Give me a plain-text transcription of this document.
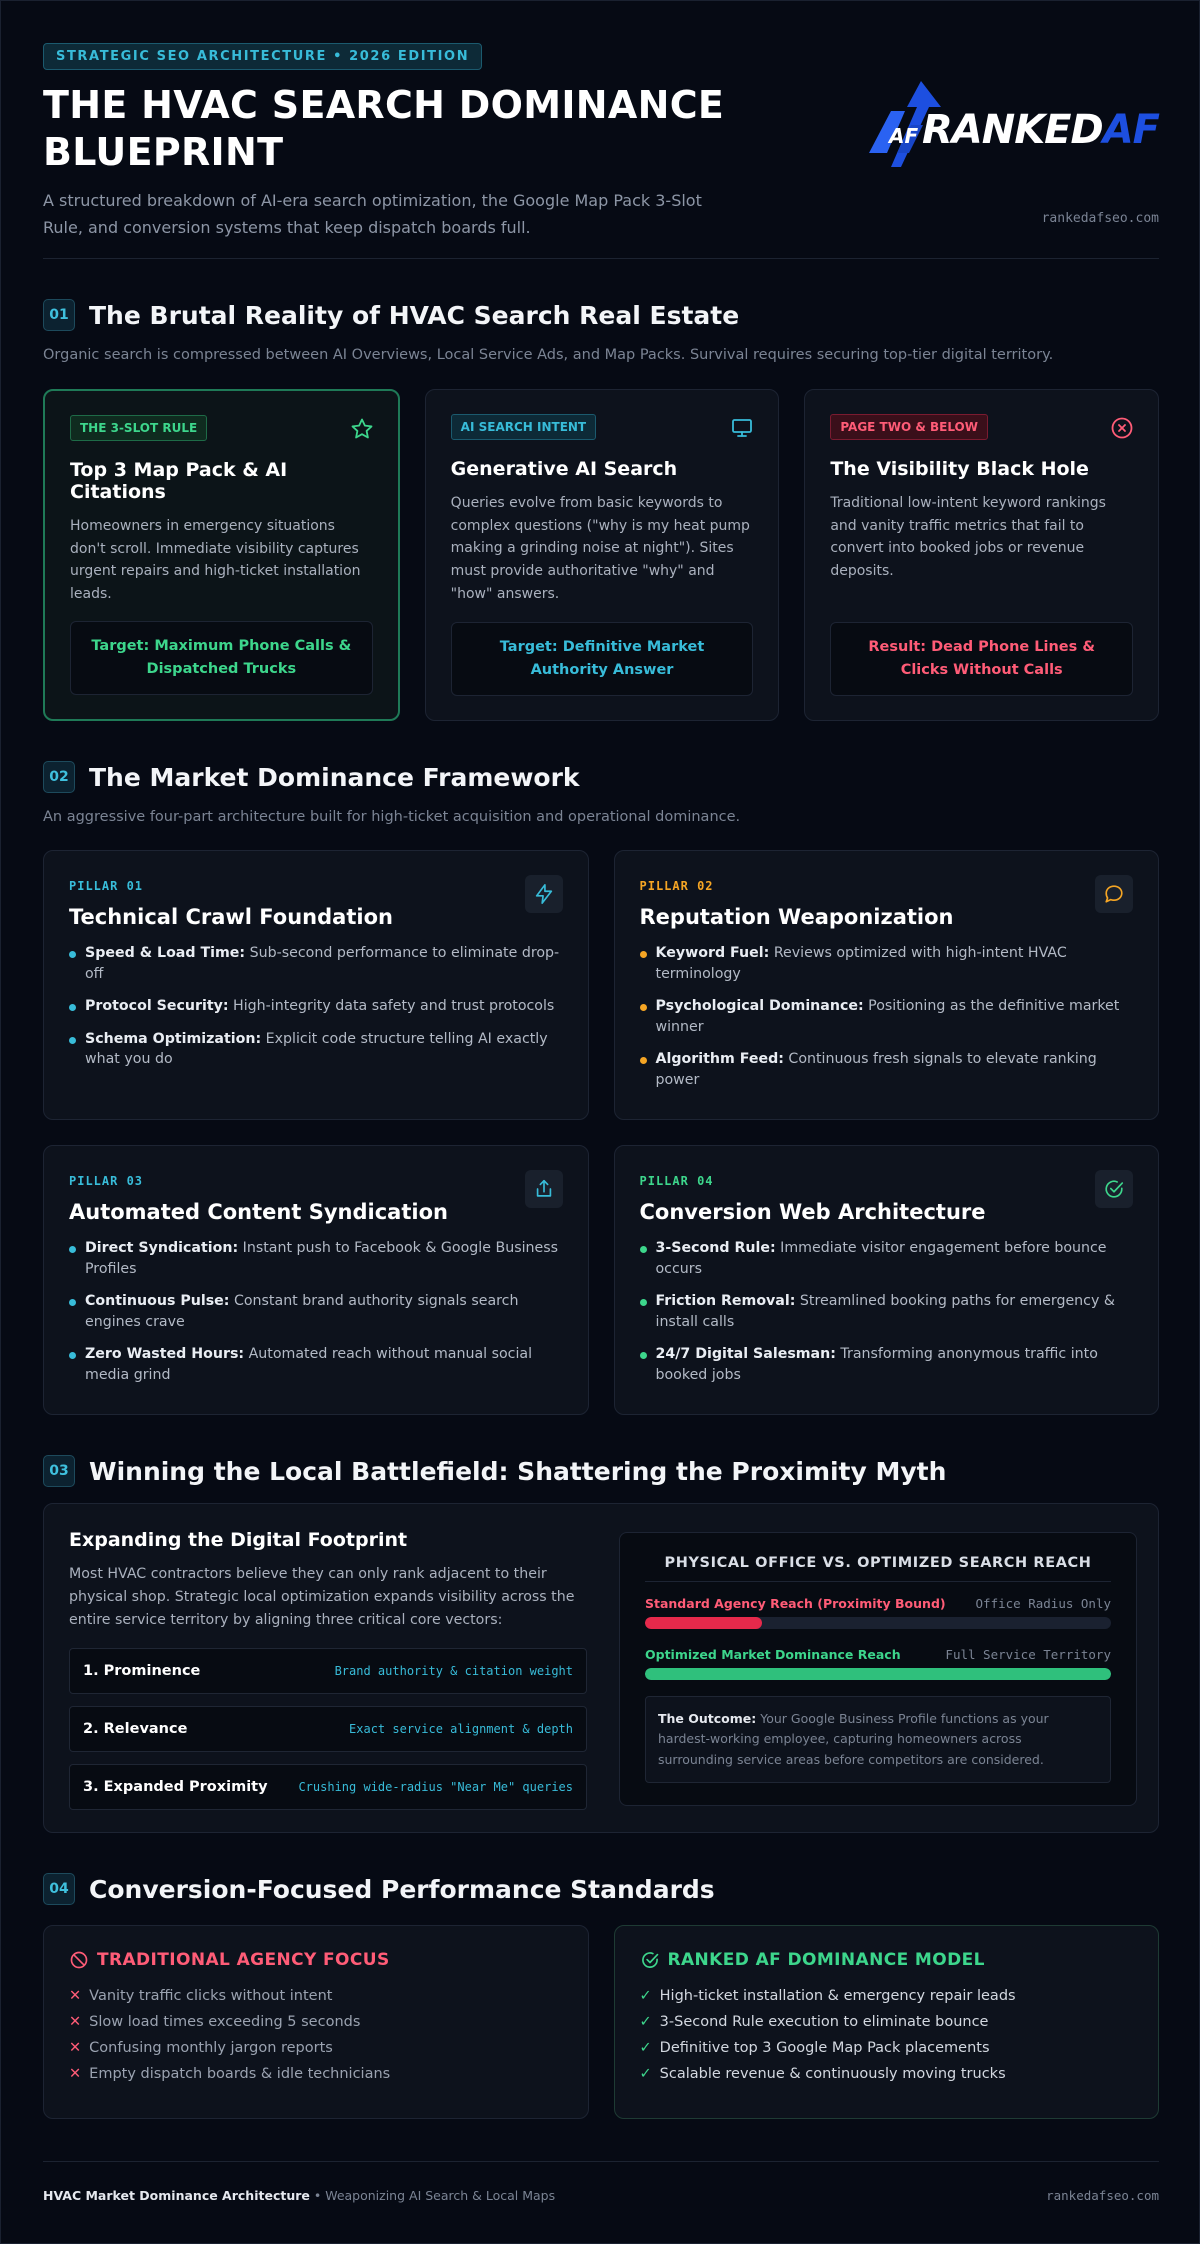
STRATEGIC SEO ARCHITECTURE • 2026 EDITION
THE HVAC SEARCH DOMINANCE BLUEPRINT

A structured breakdown of AI-era search optimization, the Google Map Pack 3-Slot Rule, and conversion systems that keep dispatch boards full.

AF RANKEDAF
rankedafseo.com
01 The Brutal Reality of HVAC Search Real Estate

Organic search is compressed between AI Overviews, Local Service Ads, and Map Packs. Survival requires securing top-tier digital territory.

THE 3-SLOT RULE
Top 3 Map Pack & AI Citations

Homeowners in emergency situations don't scroll. Immediate visibility captures urgent repairs and high-ticket installation leads.

Target: Maximum Phone Calls & Dispatched Trucks
AI SEARCH INTENT
Generative AI Search

Queries evolve from basic keywords to complex questions ("why is my heat pump making a grinding noise at night"). Sites must provide authoritative "why" and "how" answers.

Target: Definitive Market Authority Answer
PAGE TWO & BELOW
The Visibility Black Hole

Traditional low-intent keyword rankings and vanity traffic metrics that fail to convert into booked jobs or revenue deposits.

Result: Dead Phone Lines & Clicks Without Calls
02 The Market Dominance Framework

An aggressive four-part architecture built for high-ticket acquisition and operational dominance.

PILLAR 01
Technical Crawl Foundation
Speed & Load Time: Sub-second performance to eliminate drop-off
Protocol Security: High-integrity data safety and trust protocols
Schema Optimization: Explicit code structure telling AI exactly what you do
PILLAR 02
Reputation Weaponization
Keyword Fuel: Reviews optimized with high-intent HVAC terminology
Psychological Dominance: Positioning as the definitive market winner
Algorithm Feed: Continuous fresh signals to elevate ranking power
PILLAR 03
Automated Content Syndication
Direct Syndication: Instant push to Facebook & Google Business Profiles
Continuous Pulse: Constant brand authority signals search engines crave
Zero Wasted Hours: Automated reach without manual social media grind
PILLAR 04
Conversion Web Architecture
3-Second Rule: Immediate visitor engagement before bounce occurs
Friction Removal: Streamlined booking paths for emergency & install calls
24/7 Digital Salesman: Transforming anonymous traffic into booked jobs
03 Winning the Local Battlefield: Shattering the Proximity Myth
Expanding the Digital Footprint

Most HVAC contractors believe they can only rank adjacent to their physical shop. Strategic local optimization expands visibility across the entire service territory by aligning three critical core vectors:

1. Prominence	Brand authority & citation weight
2. Relevance	Exact service alignment & depth
3. Expanded Proximity	Crushing wide-radius "Near Me" queries
PHYSICAL OFFICE VS. OPTIMIZED SEARCH REACH
Standard Agency Reach (Proximity Bound) Office Radius Only
Optimized Market Dominance Reach	Full Service Territory
The Outcome: Your Google Business Profile functions as your hardest-working employee, capturing homeowners across surrounding service areas before competitors are considered.
04 Conversion-Focused Performance Standards
TRADITIONAL AGENCY FOCUS
✕ Vanity traffic clicks without intent
✕ Slow load times exceeding 5 seconds
✕ Confusing monthly jargon reports
✕ Empty dispatch boards & idle technicians
RANKED AF DOMINANCE MODEL
✓ High-ticket installation & emergency repair leads
✓ 3-Second Rule execution to eliminate bounce
✓ Definitive top 3 Google Map Pack placements
✓ Scalable revenue & continuously moving trucks
HVAC Market Dominance Architecture • Weaponizing AI Search & Local Maps	rankedafseo.com
